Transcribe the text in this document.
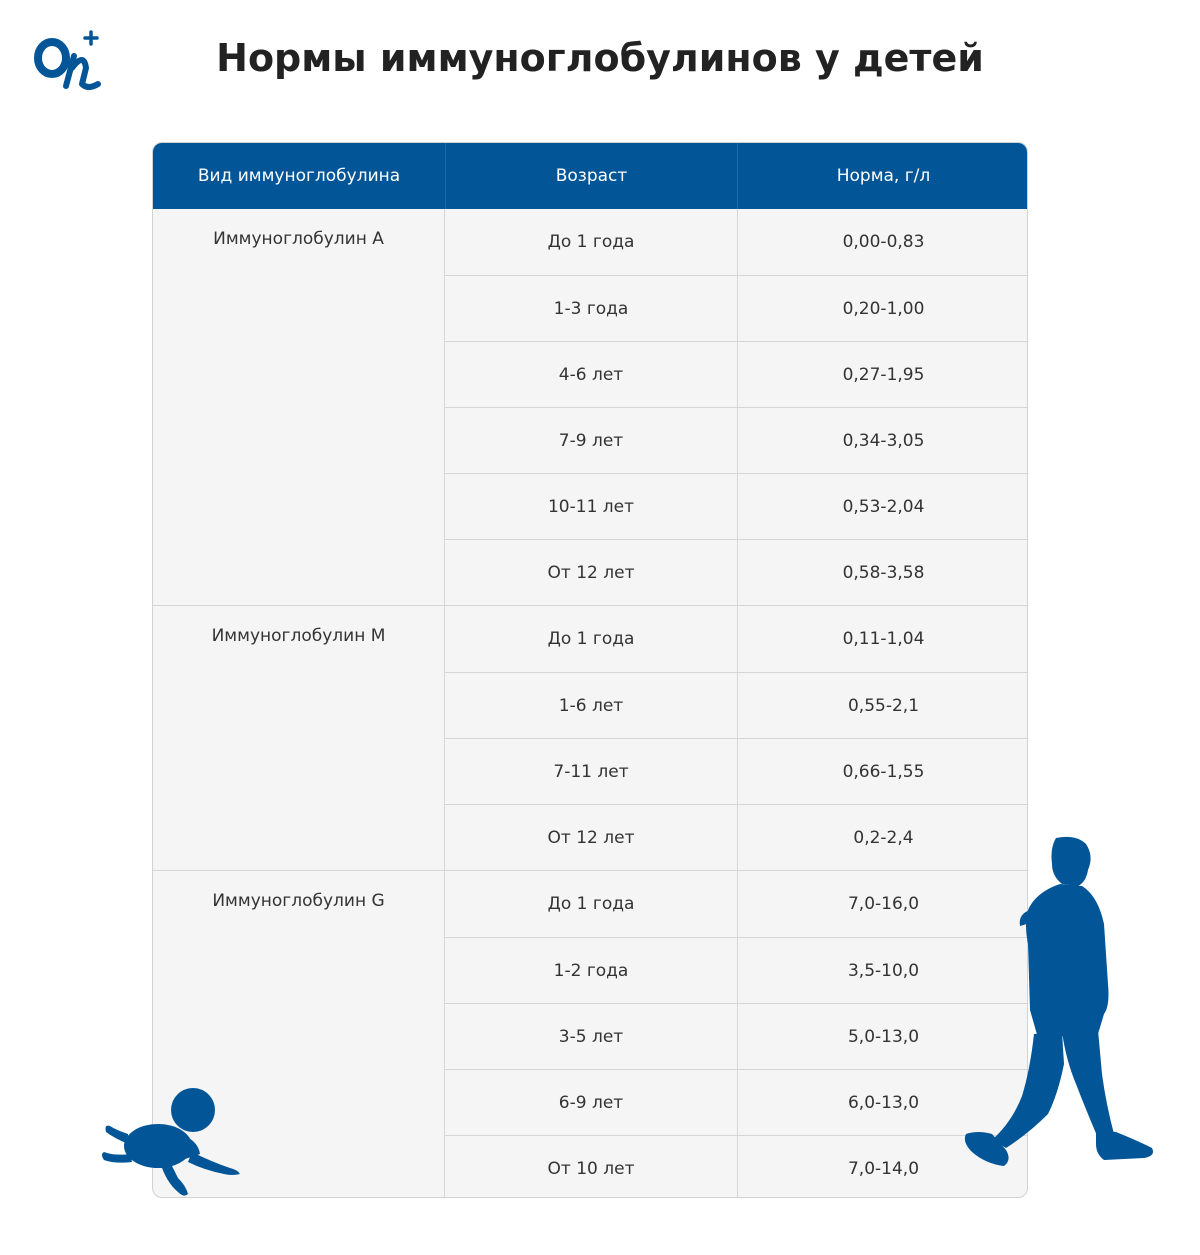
Нормы иммуноглобулинов у детей
Вид иммуноглобулина	Возраст	Норма, г/л
Иммуноглобулин A	До 1 года	0,00-0,83
1-3 года	0,20-1,00
4-6 лет	0,27-1,95
7-9 лет	0,34-3,05
10-11 лет	0,53-2,04
От 12 лет	0,58-3,58
Иммуноглобулин M	До 1 года	0,11-1,04
1-6 лет	0,55-2,1
7-11 лет	0,66-1,55
От 12 лет	0,2-2,4
Иммуноглобулин G	До 1 года	7,0-16,0
1-2 года	3,5-10,0
3-5 лет	5,0-13,0
6-9 лет	6,0-13,0
От 10 лет	7,0-14,0
